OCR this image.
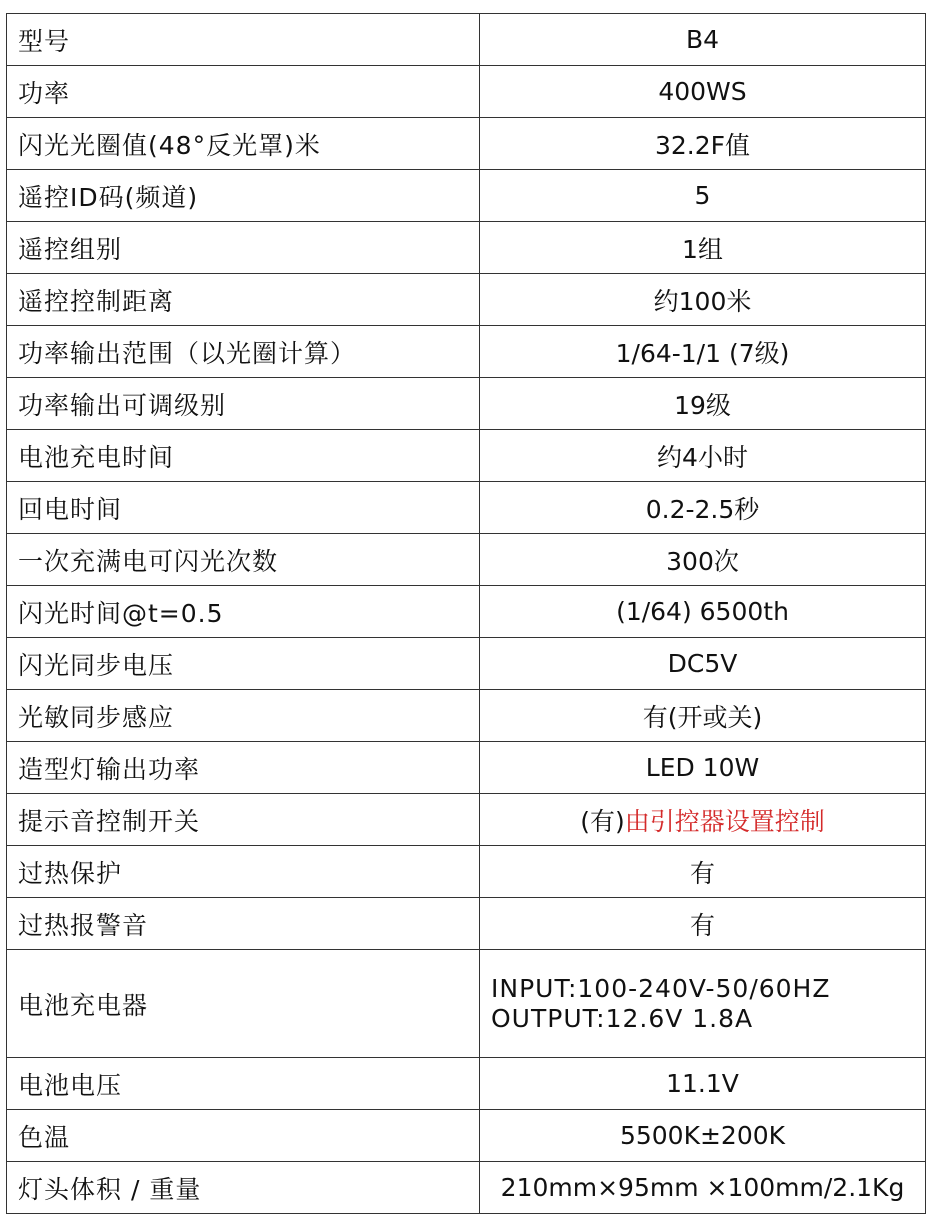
型号	B4
功率	400WS
闪光光圈值(48°反光罩)米	32.2F值
遥控ID码(频道)	5
遥控组别	1组
遥控控制距离	约100米
功率输出范围（以光圈计算）	1/64-1/1 (7级)
功率输出可调级别	19级
电池充电时间	约4小时
回电时间	0.2-2.5秒
一次充满电可闪光次数	300次
闪光时间@t=0.5	(1/64) 6500th
闪光同步电压	DC5V
光敏同步感应	有(开或关)
造型灯输出功率	LED 10W
提示音控制开关	(有)由引控器设置控制
过热保护	有
过热报警音	有
电池充电器	INPUT:100-240V-50/60HZ
OUTPUT:12.6V 1.8A

电池电压	11.1V
色温	5500K±200K
灯头体积 / 重量	210mm×95mm ×100mm/2.1Kg
